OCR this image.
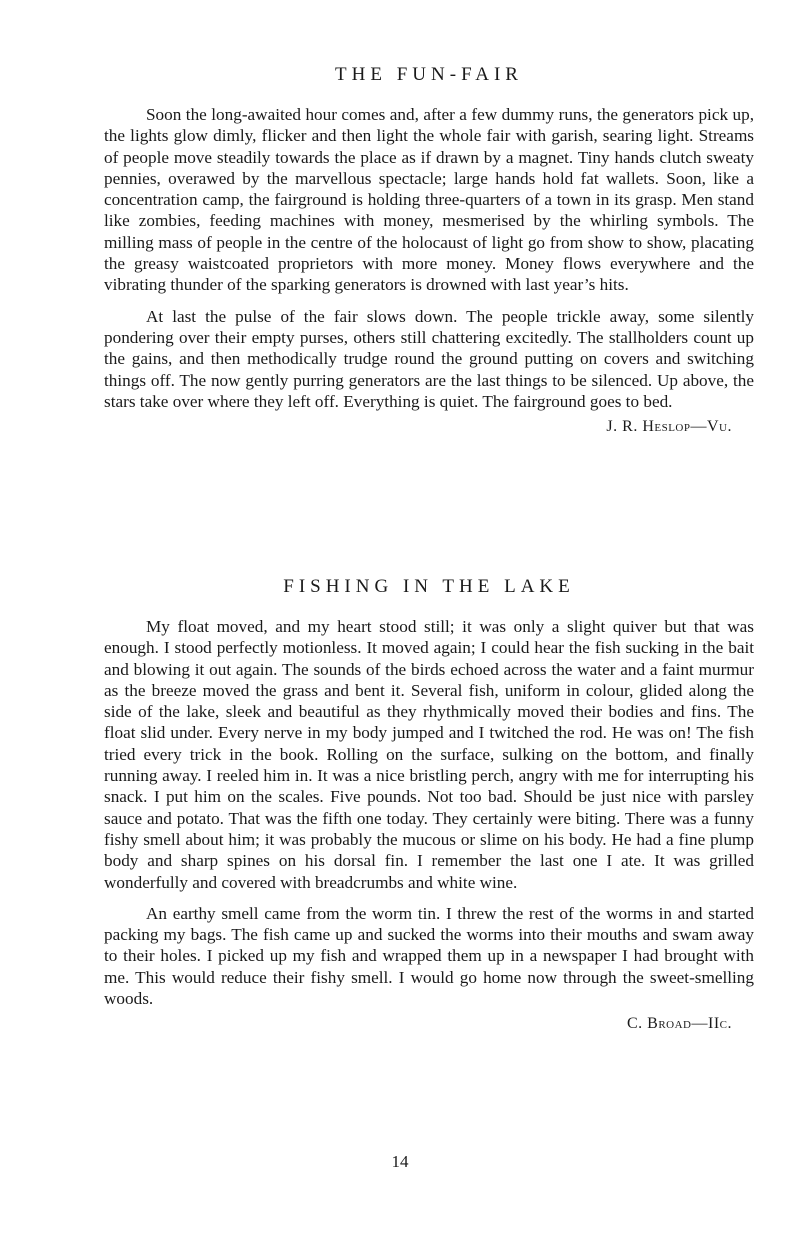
THE FUN-FAIR

Soon the long-awaited hour comes and, after a few dummy runs, the generators pick up, the lights glow dimly, flicker and then light the whole fair with garish, searing light. Streams of people move steadily towards the place as if drawn by a magnet. Tiny hands clutch sweaty pennies, overawed by the marvellous spectacle; large hands hold fat wallets. Soon, like a concentration camp, the fairground is holding three-quarters of a town in its grasp. Men stand like zombies, feeding machines with money, mesmerised by the whirling symbols. The milling mass of people in the centre of the holocaust of light go from show to show, placating the greasy waistcoated proprietors with more money. Money flows everywhere and the vibrating thunder of the sparking generators is drowned with last year’s hits.

At last the pulse of the fair slows down. The people trickle away, some silently pondering over their empty purses, others still chattering excitedly. The stallholders count up the gains, and then methodically trudge round the ground putting on covers and switching things off. The now gently purring generators are the last things to be silenced. Up above, the stars take over where they left off. Everything is quiet. The fairground goes to bed.

J. R. Heslop—Vu.
FISHING IN THE LAKE

My float moved, and my heart stood still; it was only a slight quiver but that was enough. I stood perfectly motionless. It moved again; I could hear the fish sucking in the bait and blowing it out again. The sounds of the birds echoed across the water and a faint murmur as the breeze moved the grass and bent it. Several fish, uniform in colour, glided along the side of the lake, sleek and beautiful as they rhythmically moved their bodies and fins. The float slid under. Every nerve in my body jumped and I twitched the rod. He was on! The fish tried every trick in the book. Rolling on the surface, sulking on the bottom, and finally running away. I reeled him in. It was a nice bristling perch, angry with me for interrupting his snack. I put him on the scales. Five pounds. Not too bad. Should be just nice with parsley sauce and potato. That was the fifth one today. They certainly were biting. There was a funny fishy smell about him; it was probably the mucous or slime on his body. He had a fine plump body and sharp spines on his dorsal fin. I remember the last one I ate. It was grilled wonderfully and covered with breadcrumbs and white wine.

An earthy smell came from the worm tin. I threw the rest of the worms in and started packing my bags. The fish came up and sucked the worms into their mouths and swam away to their holes. I picked up my fish and wrapped them up in a newspaper I had brought with me. This would reduce their fishy smell. I would go home now through the sweet-smelling woods.

C. Broad—IIc.
14
